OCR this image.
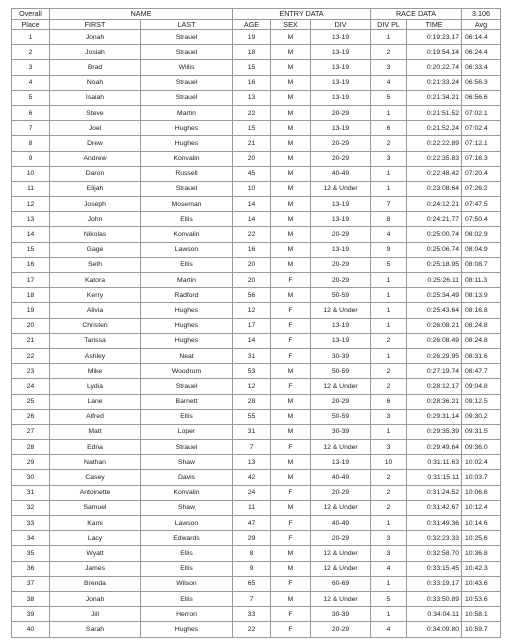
Overall	NAME		ENTRY DATA			RACE DATA		3.106
Place	FIRST	LAST	AGE	SEX	DIV	DIV PL	TIME	Avg
1	Jonah	Strauel	19	M	13-19	1	0:19:23.17	06:14.4
2	Josiah	Strauel	18	M	13-19	2	0:19:54.14	06:24.4
3	Brad	Willis	15	M	13-19	3	0:20:22.74	06:33.4
4	Noah	Strauel	16	M	13-19	4	0:21:33.24	06:56.3
5	Isaiah	Strauel	13	M	13-19	5	0:21:34.21	06:56.6
6	Steve	Martin	22	M	20-29	1	0:21:51.52	07:02.1
7	Joel	Hughes	15	M	13-19	6	0:21:52.24	07:02.4
8	Drew	Hughes	21	M	20-29	2	0:22:22.89	07:12.1
9	Andrew	Konvalin	20	M	20-29	3	0:22:35.83	07:16.3
10	Daron	Russell	45	M	40-49	1	0:22:48.42	07:20.4
11	Elijah	Strauel	10	M	12 & Under	1	0:23:08.64	07:26.2
12	Joseph	Moseman	14	M	13-19	7	0:24:12.21	07:47.5
13	John	Ellis	14	M	13-19	8	0:24:21.77	07:50.4
14	Nikolas	Konvalin	22	M	20-29	4	0:25:00.74	08:02.9
15	Gage	Lawson	16	M	13-19	9	0:25:06.74	08:04.9
16	Seth	Ellis	20	M	20-29	5	0:25:18.95	08:08.7
17	Katora	Martin	20	F	20-29	1	0:25:26.11	08:11.3
18	Kerry	Radford	56	M	50-59	1	0:25:34.49	08:13.9
19	Alivia	Hughes	12	F	12 & Under	1	0:25:43.64	08:16.8
20	Christen	Hughes	17	F	13-19	1	0:26:08.21	08:24.8
21	Tarissa	Hughes	14	F	13-19	2	0:26:08.49	08:24.8
22	Ashley	Neat	31	F	30-39	1	0:26:29.95	08:31.6
23	Mike	Woodrum	53	M	50-59	2	0:27:19.74	08:47.7
24	Lydia	Strauel	12	F	12 & Under	2	0:28:12.17	09:04.8
25	Lane	Barnett	28	M	20-29	6	0:28:36.21	09:12.5
26	Alfred	Ellis	55	M	50-59	3	0:29:31.14	09:30.2
27	Matt	Loper	31	M	30-39	1	0:29:35.39	09:31.5
28	Edna	Strauel	7	F	12 & Under	3	0:29:49.64	09:36.0
29	Nathan	Shaw	13	M	13-19	10	0:31:11.63	10:02.4
30	Casey	Davis	42	M	40-49	2	0:31:15.11	10:03.7
31	Antoinette	Konvalin	24	F	20-29	2	0:31:24.52	10:06.6
32	Samuel	Shaw	11	M	12 & Under	2	0:31:42.67	10:12.4
33	Kami	Lawson	47	F	40-49	1	0:31:49.36	10:14.6
34	Lacy	Edwards	29	F	20-29	3	0:32:23.33	10:25.6
35	Wyatt	Ellis	8	M	12 & Under	3	0:32:58.70	10:36.8
36	James	Ellis	9	M	12 & Under	4	0:33:15.45	10:42.3
37	Brenda	Wilson	65	F	60-69	1	0:33:19.17	10:43.6
38	Jonah	Ellis	7	M	12 & Under	5	0:33:50.89	10:53.6
39	Jill	Herron	33	F	30-39	1	0:34:04.11	10:58.1
40	Sarah	Hughes	22	F	20-29	4	0:34:09.80	10:59.7
